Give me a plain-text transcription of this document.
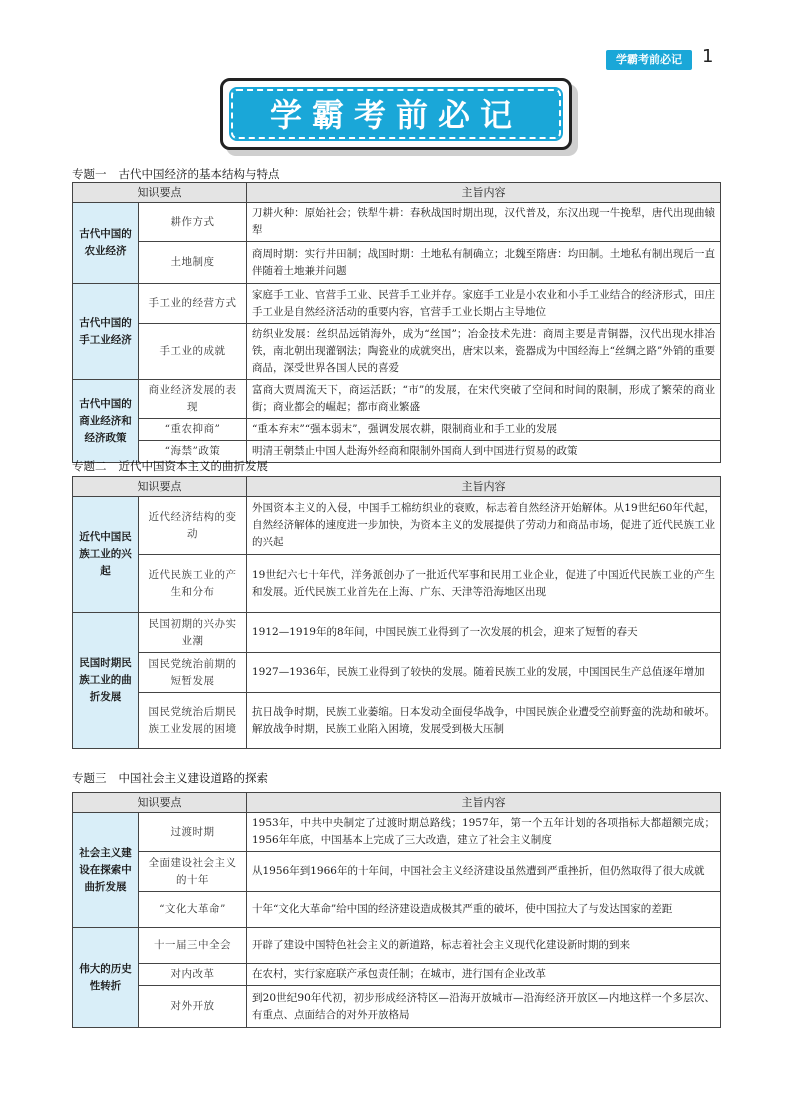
学霸考前必记	1
学霸考前必记
专题一 古代中国经济的基本结构与特点
知识要点		主旨内容
古代中国的农业经济	耕作方式	刀耕火种：原始社会；铁犁牛耕：春秋战国时期出现，汉代普及，东汉出现一牛挽犁，唐代出现曲辕犁
	土地制度	商周时期：实行井田制；战国时期：土地私有制确立；北魏至隋唐：均田制。土地私有制出现后一直伴随着土地兼并问题
古代中国的手工业经济	手工业的经营方式	家庭手工业、官营手工业、民营手工业并存。家庭手工业是小农业和小手工业结合的经济形式，田庄手工业是自然经济活动的重要内容，官营手工业长期占主导地位
	手工业的成就	纺织业发展：丝织品远销海外，成为“丝国”；冶金技术先进：商周主要是青铜器，汉代出现水排冶铁，南北朝出现灌钢法；陶瓷业的成就突出，唐宋以来，瓷器成为中国经海上“丝绸之路”外销的重要商品，深受世界各国人民的喜爱
古代中国的商业经济和经济政策	商业经济发展的表现	富商大贾周流天下，商运活跃；“市”的发展，在宋代突破了空间和时间的限制，形成了繁荣的商业街；商业都会的崛起；都市商业繁盛
	“重农抑商”	“重本弃末”“强本弱末”，强调发展农耕，限制商业和手工业的发展
	“海禁”政策	明清王朝禁止中国人赴海外经商和限制外国商人到中国进行贸易的政策
专题二 近代中国资本主义的曲折发展
知识要点		主旨内容
近代中国民族工业的兴起	近代经济结构的变动	外国资本主义的入侵，中国手工棉纺织业的衰败，标志着自然经济开始解体。从19世纪60年代起，自然经济解体的速度进一步加快，为资本主义的发展提供了劳动力和商品市场，促进了近代民族工业的兴起
	近代民族工业的产生和分布	19世纪六七十年代，洋务派创办了一批近代军事和民用工业企业，促进了中国近代民族工业的产生和发展。近代民族工业首先在上海、广东、天津等沿海地区出现
民国时期民族工业的曲折发展	民国初期的兴办实业潮	1912—1919年的8年间，中国民族工业得到了一次发展的机会，迎来了短暂的春天
	国民党统治前期的短暂发展	1927—1936年，民族工业得到了较快的发展。随着民族工业的发展，中国国民生产总值逐年增加
	国民党统治后期民族工业发展的困境	抗日战争时期，民族工业萎缩。日本发动全面侵华战争，中国民族企业遭受空前野蛮的洗劫和破坏。解放战争时期，民族工业陷入困境，发展受到极大压制
专题三 中国社会主义建设道路的探索
知识要点		主旨内容
社会主义建设在探索中曲折发展	过渡时期	1953年，中共中央制定了过渡时期总路线；1957年，第一个五年计划的各项指标大都超额完成；1956年年底，中国基本上完成了三大改造，建立了社会主义制度
	全面建设社会主义的十年	从1956年到1966年的十年间，中国社会主义经济建设虽然遭到严重挫折，但仍然取得了很大成就
	“文化大革命”	十年“文化大革命”给中国的经济建设造成极其严重的破坏，使中国拉大了与发达国家的差距
伟大的历史性转折	十一届三中全会	开辟了建设中国特色社会主义的新道路，标志着社会主义现代化建设新时期的到来
	对内改革	在农村，实行家庭联产承包责任制；在城市，进行国有企业改革
	对外开放	到20世纪90年代初，初步形成经济特区—沿海开放城市—沿海经济开放区—内地这样一个多层次、有重点、点面结合的对外开放格局
